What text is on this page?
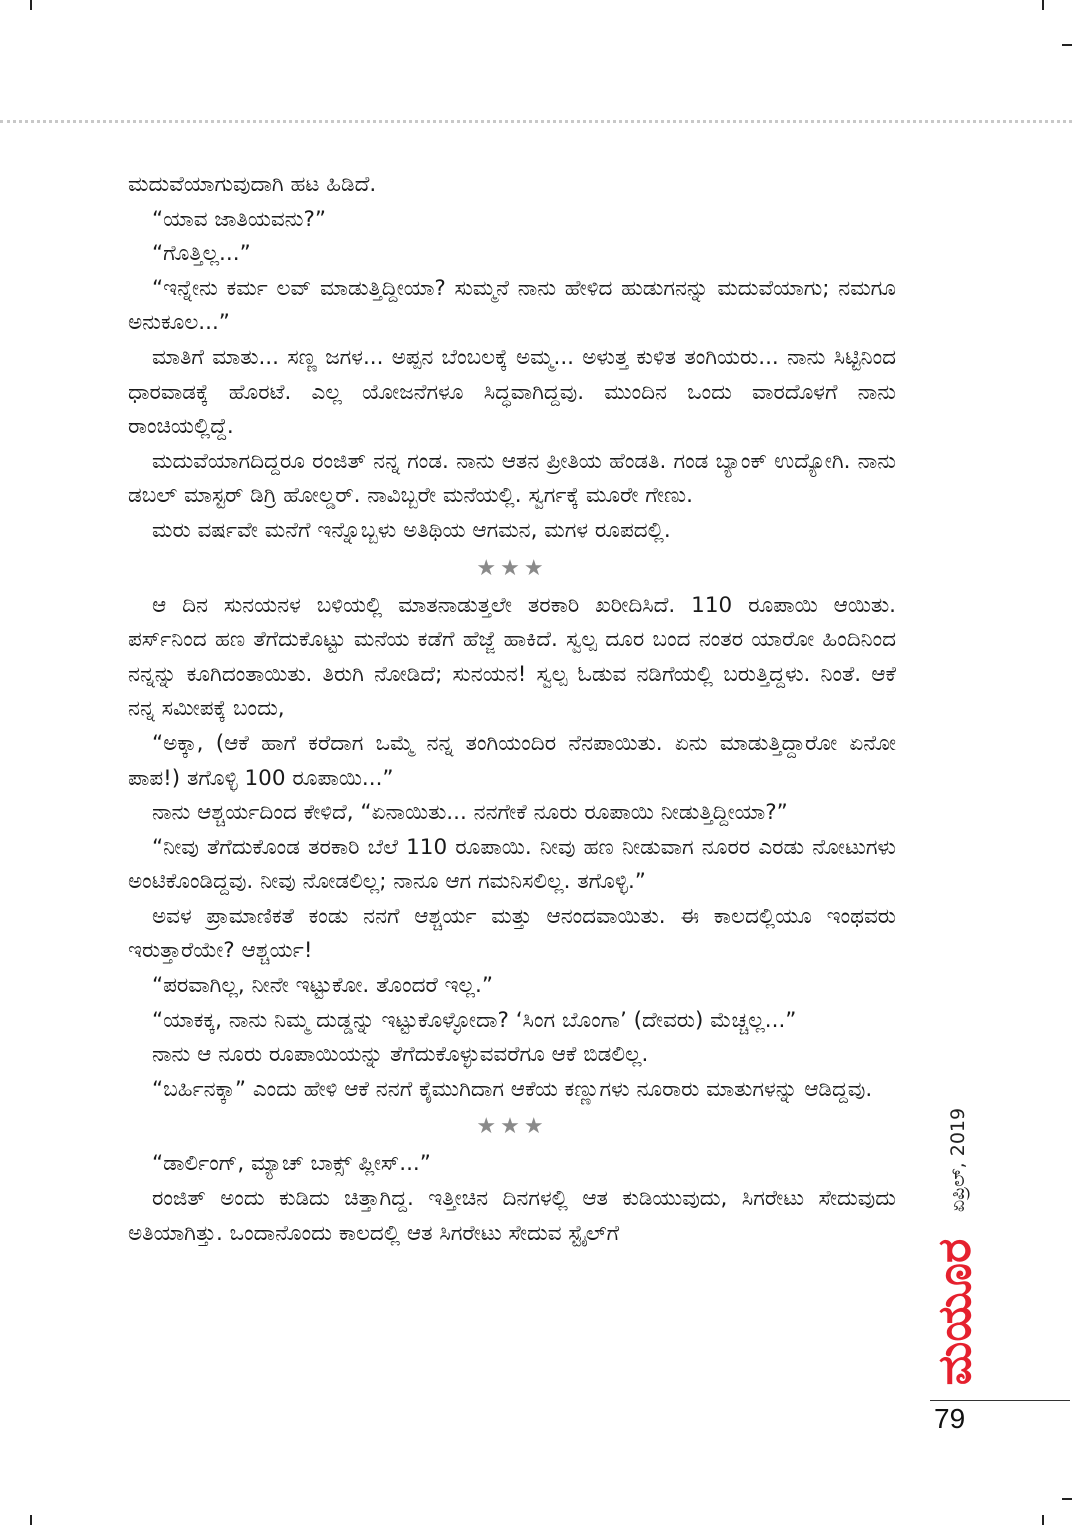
ಮದುವೆಯಾಗುವುದಾಗಿ ಹಟ ಹಿಡಿದೆ.

“ಯಾವ ಜಾತಿಯವನು?”

“ಗೊತ್ತಿಲ್ಲ...”

“ಇನ್ನೇನು ಕರ್ಮ ಲವ್ ಮಾಡುತ್ತಿದ್ದೀಯಾ? ಸುಮ್ಮನೆ ನಾನು ಹೇಳಿದ ಹುಡುಗನನ್ನು ಮದುವೆಯಾಗು; ನಮಗೂ ಅನುಕೂಲ...”

ಮಾತಿಗೆ ಮಾತು... ಸಣ್ಣ ಜಗಳ... ಅಪ್ಪನ ಬೆಂಬಲಕ್ಕೆ ಅಮ್ಮ... ಅಳುತ್ತ ಕುಳಿತ ತಂಗಿಯರು... ನಾನು ಸಿಟ್ಟಿನಿಂದ ಧಾರವಾಡಕ್ಕೆ ಹೊರಟೆ. ಎಲ್ಲ ಯೋಜನೆಗಳೂ ಸಿದ್ಧವಾಗಿದ್ದವು. ಮುಂದಿನ ಒಂದು ವಾರದೊಳಗೆ ನಾನು ರಾಂಚಿಯಲ್ಲಿದ್ದೆ.

ಮದುವೆಯಾಗದಿದ್ದರೂ ರಂಜಿತ್ ನನ್ನ ಗಂಡ. ನಾನು ಆತನ ಪ್ರೀತಿಯ ಹೆಂಡತಿ. ಗಂಡ ಬ್ಯಾಂಕ್ ಉದ್ಯೋಗಿ. ನಾನು ಡಬಲ್ ಮಾಸ್ಟರ್ ಡಿಗ್ರಿ ಹೋಲ್ಡರ್. ನಾವಿಬ್ಬರೇ ಮನೆಯಲ್ಲಿ. ಸ್ವರ್ಗಕ್ಕೆ ಮೂರೇ ಗೇಣು.

ಮರು ವರ್ಷವೇ ಮನೆಗೆ ಇನ್ನೊಬ್ಬಳು ಅತಿಥಿಯ ಆಗಮನ, ಮಗಳ ರೂಪದಲ್ಲಿ.

★★★

ಆ ದಿನ ಸುನಯನಳ ಬಳಿಯಲ್ಲಿ ಮಾತನಾಡುತ್ತಲೇ ತರಕಾರಿ ಖರೀದಿಸಿದೆ. 110 ರೂಪಾಯಿ ಆಯಿತು. ಪರ್ಸ್‌ನಿಂದ ಹಣ ತೆಗೆದುಕೊಟ್ಟು ಮನೆಯ ಕಡೆಗೆ ಹೆಜ್ಜೆ ಹಾಕಿದೆ. ಸ್ವಲ್ಪ ದೂರ ಬಂದ ನಂತರ ಯಾರೋ ಹಿಂದಿನಿಂದ ನನ್ನನ್ನು ಕೂಗಿದಂತಾಯಿತು. ತಿರುಗಿ ನೋಡಿದೆ; ಸುನಯನ! ಸ್ವಲ್ಪ ಓಡುವ ನಡಿಗೆಯಲ್ಲಿ ಬರುತ್ತಿದ್ದಳು. ನಿಂತೆ. ಆಕೆ ನನ್ನ ಸಮೀಪಕ್ಕೆ ಬಂದು,

“ಅಕ್ಕಾ, (ಆಕೆ ಹಾಗೆ ಕರೆದಾಗ ಒಮ್ಮೆ ನನ್ನ ತಂಗಿಯಂದಿರ ನೆನಪಾಯಿತು. ಏನು ಮಾಡುತ್ತಿದ್ದಾರೋ ಏನೋ ಪಾಪ!) ತಗೊಳ್ಳಿ 100 ರೂಪಾಯಿ...”

ನಾನು ಆಶ್ಚರ್ಯದಿಂದ ಕೇಳಿದೆ, “ಏನಾಯಿತು... ನನಗೇಕೆ ನೂರು ರೂಪಾಯಿ ನೀಡುತ್ತಿದ್ದೀಯಾ?”

“ನೀವು ತೆಗೆದುಕೊಂಡ ತರಕಾರಿ ಬೆಲೆ 110 ರೂಪಾಯಿ. ನೀವು ಹಣ ನೀಡುವಾಗ ನೂರರ ಎರಡು ನೋಟುಗಳು ಅಂಟಿಕೊಂಡಿದ್ದವು. ನೀವು ನೋಡಲಿಲ್ಲ; ನಾನೂ ಆಗ ಗಮನಿಸಲಿಲ್ಲ. ತಗೊಳ್ಳಿ.”

ಅವಳ ಪ್ರಾಮಾಣಿಕತೆ ಕಂಡು ನನಗೆ ಆಶ್ಚರ್ಯ ಮತ್ತು ಆನಂದವಾಯಿತು. ಈ ಕಾಲದಲ್ಲಿಯೂ ಇಂಥವರು ಇರುತ್ತಾರೆಯೇ? ಆಶ್ಚರ್ಯ!

“ಪರವಾಗಿಲ್ಲ, ನೀನೇ ಇಟ್ಟುಕೋ. ತೊಂದರೆ ಇಲ್ಲ.”

“ಯಾಕಕ್ಕ, ನಾನು ನಿಮ್ಮ ದುಡ್ಡನ್ನು ಇಟ್ಟುಕೊಳ್ಳೋದಾ? ‘ಸಿಂಗ ಬೊಂಗಾ’ (ದೇವರು) ಮೆಚ್ಚಲ್ಲ...”

ನಾನು ಆ ನೂರು ರೂಪಾಯಿಯನ್ನು ತೆಗೆದುಕೊಳ್ಳುವವರೆಗೂ ಆಕೆ ಬಿಡಲಿಲ್ಲ.

“ಬರ್ಹಿನಕ್ಕಾ” ಎಂದು ಹೇಳಿ ಆಕೆ ನನಗೆ ಕೈಮುಗಿದಾಗ ಆಕೆಯ ಕಣ್ಣುಗಳು ನೂರಾರು ಮಾತುಗಳನ್ನು ಆಡಿದ್ದವು.

★★★

“ಡಾರ್ಲಿಂಗ್, ಮ್ಯಾಚ್ ಬಾಕ್ಸ್ ಪ್ಲೀಸ್...”

ರಂಜಿತ್ ಅಂದು ಕುಡಿದು ಚಿತ್ತಾಗಿದ್ದ. ಇತ್ತೀಚಿನ ದಿನಗಳಲ್ಲಿ ಆತ ಕುಡಿಯುವುದು, ಸಿಗರೇಟು ಸೇದುವುದು ಅತಿಯಾಗಿತ್ತು. ಒಂದಾನೊಂದು ಕಾಲದಲ್ಲಿ ಆತ ಸಿಗರೇಟು ಸೇದುವ ಸ್ಟೈಲ್‌ಗೆ

ಏಪ್ರಿಲ್, 2019
ಮಯೂರ
79
